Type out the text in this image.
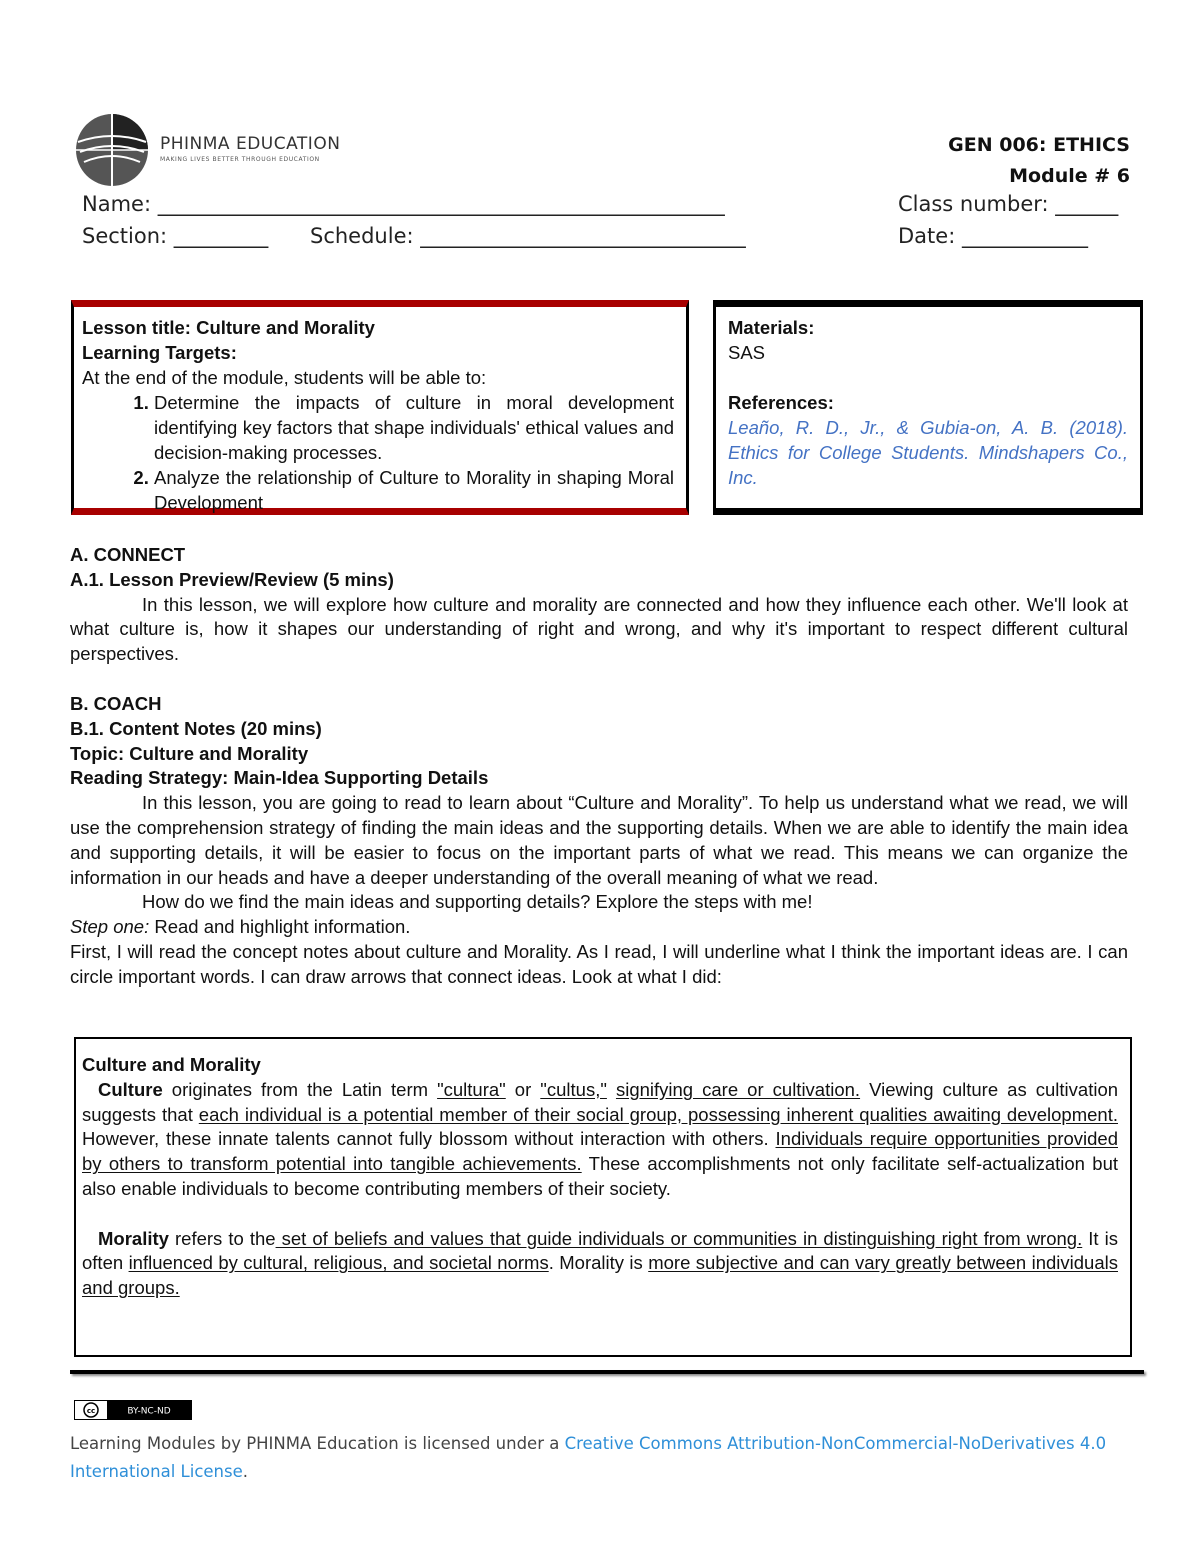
PHINMA EDUCATION
MAKING LIVES BETTER THROUGH EDUCATION
GEN 006: ETHICS
Module # 6
Name: ______________________________________________________	Class number: ______
Section: _________ Schedule: _______________________________	Date: ____________
Lesson title: Culture and Morality
Learning Targets:
At the end of the module, students will be able to:
1. Determine the impacts of culture in moral development identifying key factors that shape individuals' ethical values and decision-making processes.
2. Analyze the relationship of Culture to Morality in shaping Moral Development
Materials:
SAS
References:
Leaño, R. D., Jr., & Gubia-on, A. B. (2018). Ethics for College Students. Mindshapers Co., Inc.
A. CONNECT
A.1. Lesson Preview/Review (5 mins)
In this lesson, we will explore how culture and morality are connected and how they influence each other. We'll look at what culture is, how it shapes our understanding of right and wrong, and why it's important to respect different cultural perspectives.
B. COACH
B.1. Content Notes (20 mins)
Topic: Culture and Morality
Reading Strategy: Main-Idea Supporting Details
In this lesson, you are going to read to learn about “Culture and Morality”. To help us understand what we read, we will use the comprehension strategy of finding the main ideas and the supporting details. When we are able to identify the main idea and supporting details, it will be easier to focus on the important parts of what we read. This means we can organize the information in our heads and have a deeper understanding of the overall meaning of what we read.
How do we find the main ideas and supporting details? Explore the steps with me!
Step one: Read and highlight information.
First, I will read the concept notes about culture and Morality. As I read, I will underline what I think the important ideas are. I can circle important words. I can draw arrows that connect ideas. Look at what I did:
Culture and Morality
Culture originates from the Latin term "cultura" or "cultus," signifying care or cultivation. Viewing culture as cultivation suggests that each individual is a potential member of their social group, possessing inherent qualities awaiting development. However, these innate talents cannot fully blossom without interaction with others. Individuals require opportunities provided by others to transform potential into tangible achievements. These accomplishments not only facilitate self-actualization but also enable individuals to become contributing members of their society.
Morality refers to the set of beliefs and values that guide individuals or communities in distinguishing right from wrong. It is often influenced by cultural, religious, and societal norms. Morality is more subjective and can vary greatly between individuals and groups.
cc	BY-NC-ND
Learning Modules by PHINMA Education is licensed under a Creative Commons Attribution-NonCommercial-NoDerivatives 4.0 International License.
